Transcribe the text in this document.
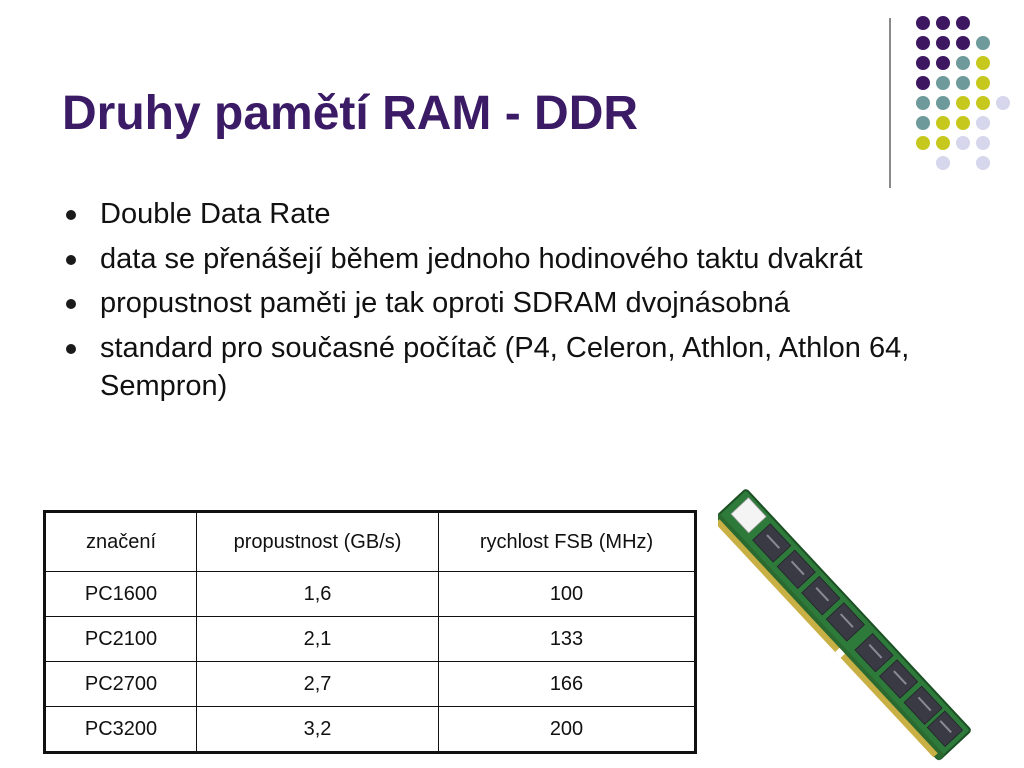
Druhy pamětí RAM - DDR
Double Data Rate
data se přenášejí během jednoho hodinového taktu dvakrát
propustnost paměti je tak oproti SDRAM dvojnásobná
standard pro současné počítač (P4, Celeron, Athlon, Athlon 64, Sempron)
značení	propustnost (GB/s)	rychlost FSB (MHz)
PC1600	1,6	100
PC2100	2,1	133
PC2700	2,7	166
PC3200	3,2	200
